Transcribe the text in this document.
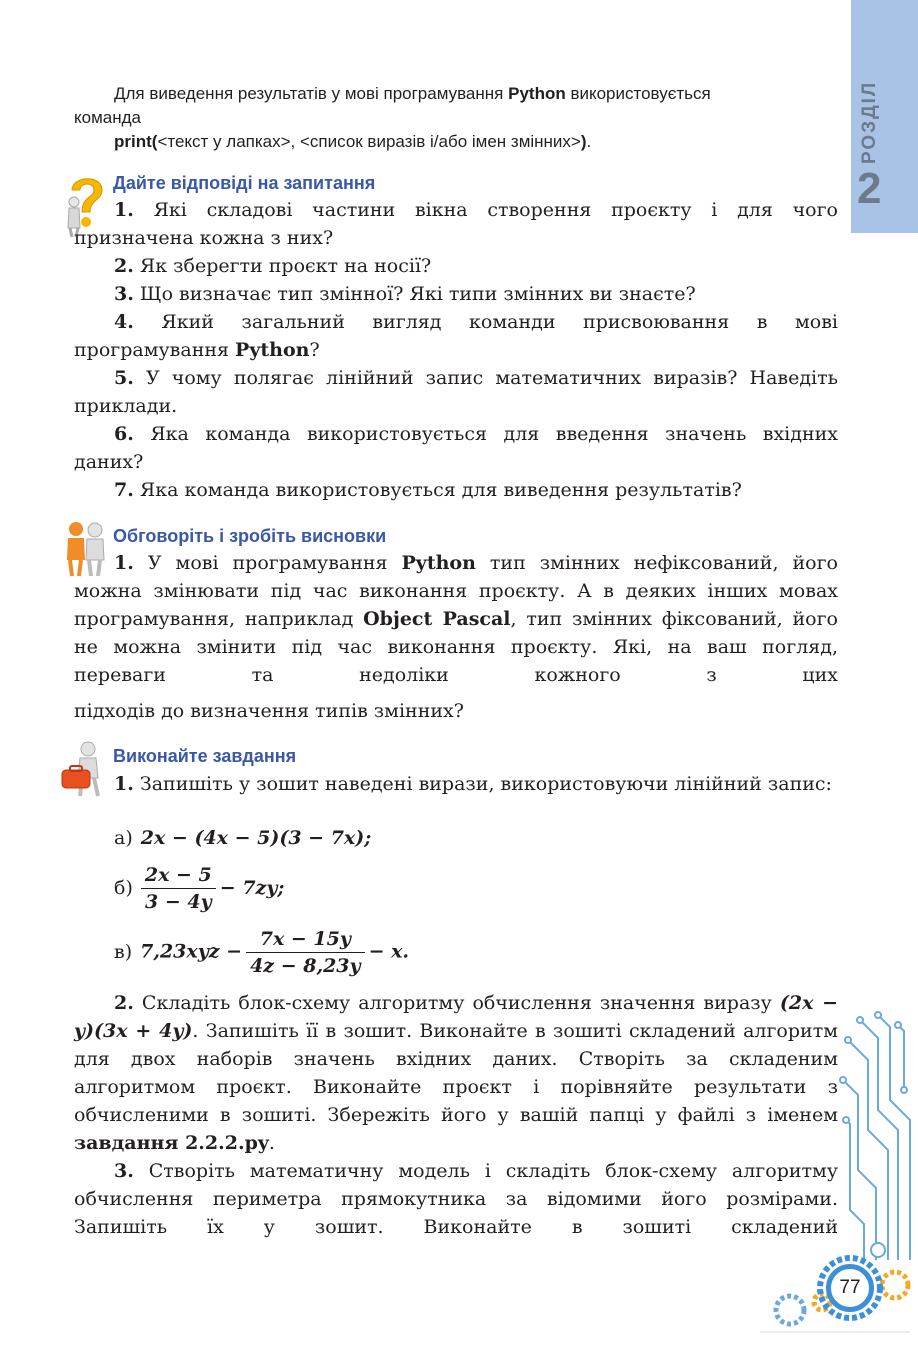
РОЗДІЛ
2
Для виведення результатів у мові програмування Python використовується
команда
print(<текст у лапках>, <список виразів і/або імен змінних>).
Дайте відповіді на запитання

1. Які складові частини вікна створення проєкту і для чого призначена кожна з них?

2. Як зберегти проєкт на носії?

3. Що визначає тип змінної? Які типи змінних ви знаєте?

4. Який загальний вигляд команди присвоювання в мові програмування Python?

5. У чому полягає лінійний запис математичних виразів? Наведіть приклади.

6. Яка команда використовується для введення значень вхідних даних?

7. Яка команда використовується для виведення результатів?

Обговоріть і зробіть висновки

1. У мові програмування Python тип змінних нефіксований, його можна змінювати під час виконання проєкту. А в деяких інших мовах програмування, наприклад Object Pascal, тип змінних фіксований, його не можна змінити під час виконання проєкту. Які, на ваш погляд, переваги та недоліки кожного з цих

підходів до визначення типів змінних?
Виконайте завдання

1. Запишіть у зошит наведені вирази, використовуючи лінійний запис:

а) 2x − (4x − 5)(3 − 7x);
$б) \frac{2x - 5}{3 - 4y} - 7zy$;
в) $7,23xyz - \frac{7x - 15y}{4z - 8,23y} - x$.

2. Складіть блок-схему алгоритму обчислення значення виразу (2x − y)(3x + 4y). Запишіть її в зошит. Виконайте в зошиті складений алгоритм для двох наборів значень вхідних даних. Створіть за складеним алгоритмом проєкт. Виконайте проєкт і порівняйте результати з обчисленими в зошиті. Збережіть його у вашій папці у файлі з іменем завдання 2.2.2.py.

3. Створіть математичну модель і складіть блок-схему алгоритму обчислення периметра прямокутника за відомими його розмірами. Запишіть їх у зошит. Виконайте в зошиті складений

77
